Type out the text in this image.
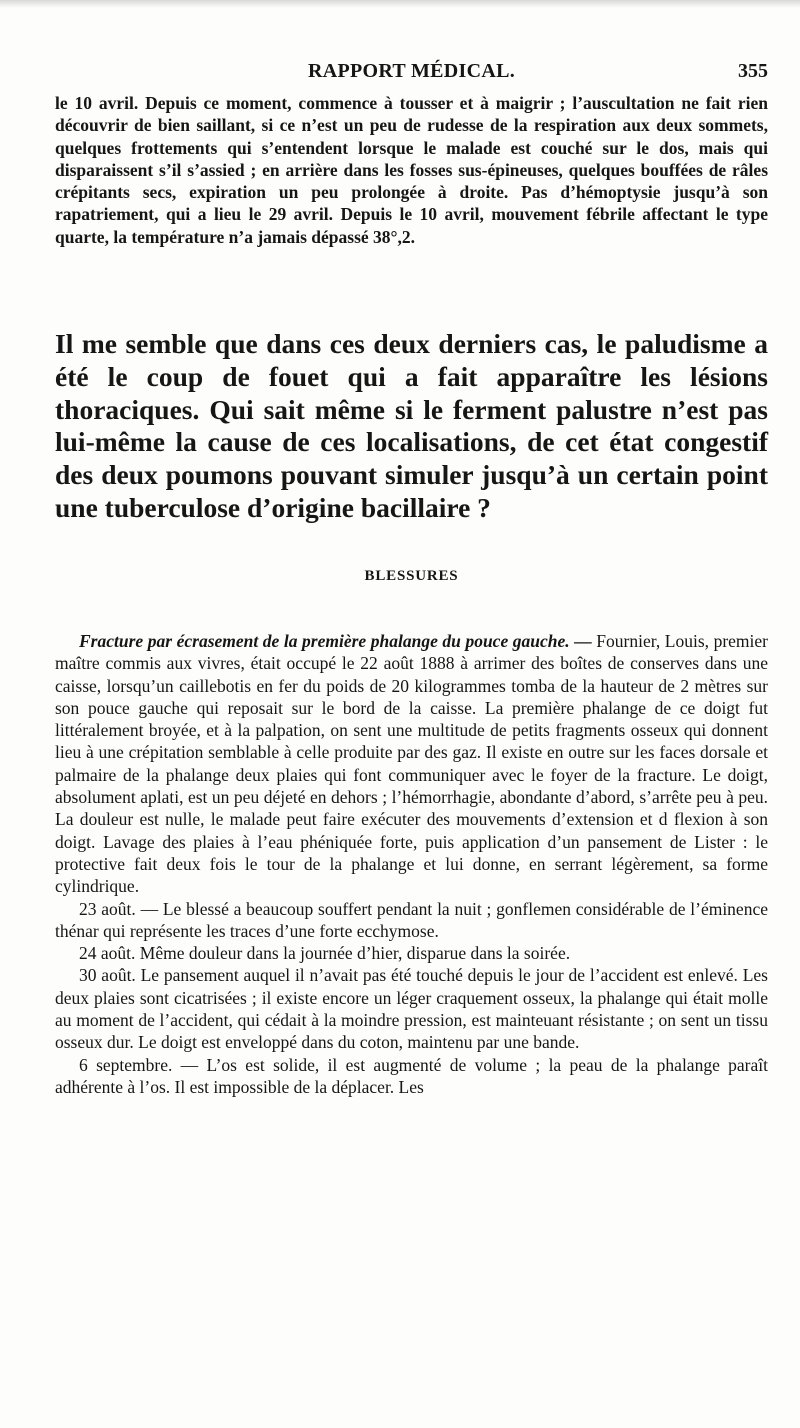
RAPPORT MÉDICAL.	355

le 10 avril. Depuis ce moment, commence à tousser et à maigrir ; l’auscultation ne fait rien découvrir de bien saillant, si ce n’est un peu de rudesse de la respiration aux deux sommets, quelques frottements qui s’entendent lorsque le malade est couché sur le dos, mais qui disparaissent s’il s’assied ; en arrière dans les fosses sus-épineuses, quelques bouffées de râles crépitants secs, expiration un peu prolongée à droite. Pas d’hémoptysie jusqu’à son rapatriement, qui a lieu le 29 avril. Depuis le 10 avril, mouvement fébrile affectant le type quarte, la température n’a jamais dépassé 38°,2.

Il me semble que dans ces deux derniers cas, le paludisme a été le coup de fouet qui a fait apparaître les lésions thoraciques. Qui sait même si le ferment palustre n’est pas lui-même la cause de ces localisations, de cet état congestif des deux poumons pouvant simuler jusqu’à un certain point une tuberculose d’origine bacillaire ?

BLESSURES

Fracture par écrasement de la première phalange du pouce gauche. — Fournier, Louis, premier maître commis aux vivres, était occupé le 22 août 1888 à arrimer des boîtes de conserves dans une caisse, lorsqu’un caillebotis en fer du poids de 20 kilogrammes tomba de la hauteur de 2 mètres sur son pouce gauche qui reposait sur le bord de la caisse. La première phalange de ce doigt fut littéralement broyée, et à la palpation, on sent une multitude de petits fragments osseux qui donnent lieu à une crépitation semblable à celle produite par des gaz. Il existe en outre sur les faces dorsale et palmaire de la phalange deux plaies qui font communiquer avec le foyer de la fracture. Le doigt, absolument aplati, est un peu déjeté en dehors ; l’hémorrhagie, abondante d’abord, s’arrête peu à peu. La douleur est nulle, le malade peut faire exécuter des mouvements d’extension et d flexion à son doigt. Lavage des plaies à l’eau phéniquée forte, puis application d’un pansement de Lister : le protective fait deux fois le tour de la phalange et lui donne, en serrant légèrement, sa forme cylindrique.

23 août. — Le blessé a beaucoup souffert pendant la nuit ; gonflemen considérable de l’éminence thénar qui représente les traces d’une forte ecchymose.

24 août. Même douleur dans la journée d’hier, disparue dans la soirée.

30 août. Le pansement auquel il n’avait pas été touché depuis le jour de l’accident est enlevé. Les deux plaies sont cicatrisées ; il existe encore un léger craquement osseux, la phalange qui était molle au moment de l’accident, qui cédait à la moindre pression, est mainteuant résistante ; on sent un tissu osseux dur. Le doigt est enveloppé dans du coton, maintenu par une bande.

6 septembre. — L’os est solide, il est augmenté de volume ; la peau de la phalange paraît adhérente à l’os. Il est impossible de la déplacer. Les
